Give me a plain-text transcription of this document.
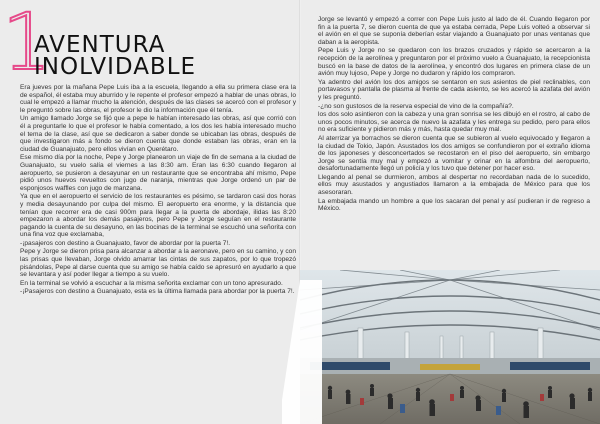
1
AVENTURA
INOLVIDABLE

Era jueves por la mañana Pepe Luis iba a la escuela, llegando a ella su primera clase era la de español, él estaba muy aburrido y le repente el profesor empezó a hablar de unas obras, lo cual le empezó a llamar mucho la atención, después de las clases se acercó con el profesor y le preguntó sobre las obras, el profesor le dio la información que él tenía.

Un amigo llamado Jorge se fijó que a pepe le habían interesado las obras, así que corrió con él a preguntarle lo que el profesor le había comentado, a los dos les había interesado mucho el tema de la clase, así que se dedicaron a saber donde se ubicaban las obras, después de que investigaron más a fondo se dieron cuenta que donde estaban las obras, eran en la ciudad de Guanajuato, pero ellos vivían en Querétaro.

Ese mismo día por la noche, Pepe y Jorge planearon un viaje de fin de semana a la ciudad de Guanajuato, su vuelo salía el viernes a las 8:30 am. Eran las 6:30 cuando llegaron al aeropuerto, se pusieron a desayunar en un restaurante que se encontraba ahí mismo, Pepe pidió unos huevos revueltos con jugo de naranja, mientras que Jorge ordenó un par de esponjosos waffles con jugo de manzana.

Ya que en el aeropuerto el servicio de los restaurantes es pésimo, se tardaron casi dos horas y media desayunando por culpa del mismo. El aeropuerto era enorme, y la distancia que tenían que recorrer era de casi 900m para llegar a la puerta de abordaje, ilidas las 8:20 empezaron a abordar los demás pasajeros, pero Pepe y Jorge seguían en el restaurante pagando la cuenta de su desayuno, en las bocinas de la terminal se escuchó una señorita con una fina voz que exclamaba,

-¡pasajeros con destino a Guanajuato, favor de abordar por la puerta 7!.

Pepe y Jorge se dieron prisa para alcanzar a abordar a la aeronave, pero en su camino, y con las prisas que llevaban, Jorge olvido amarrar las cintas de sus zapatos, por lo que tropezó pisándolas, Pepe al darse cuenta que su amigo se había caído se apresuró en ayudarlo a que se levantara y así poder llegar a tiempo a su vuelo.

En la terminal se volvió a escuchar a la misma señorita exclamar con un tono apresurado.

-¡Pasajeros con destino a Guanajuato, esta es la última llamada para abordar por la puerta 7!.

Jorge se levantó y empezó a correr con Pepe Luis justo al lado de él. Cuando llegaron por fin a la puerta 7, se dieron cuenta de que ya estaba cerrada, Pepe Luis volteó a observar si el avión en el que se suponía deberían estar viajando a Guanajuato por unas ventanas que daban a la aeropista.

Pepe Luis y Jorge no se quedaron con los brazos cruzados y rápido se acercaron a la recepción de la aerolínea y preguntaron por el próximo vuelo a Guanajuato, la recepcionista buscó en la base de datos de la aerolínea, y encontró dos lugares en primera clase de un avión muy lujoso, Pepe y Jorge no dudaron y rápido los compraron.

Ya adentro del avión los dos amigos se sentaron en sus asientos de piel reclinables, con portavasos y pantalla de plasma al frente de cada asiento, se les acercó la azafata del avión y les preguntó.

-¿no son gustosos de la reserva especial de vino de la compañía?.

los dos solo asintieron con la cabeza y una gran sonrisa se les dibujó en el rostro, al cabo de unos pocos minutos, se acerca de nuevo la azafata y les entrega su pedido, pero para ellos no era suficiente y pidieron más y más, hasta quedar muy mal.

Al aterrizar ya borrachos se dieron cuenta que se subieron al vuelo equivocado y llegaron a la ciudad de Tokio, Japón. Asustados los dos amigos se confundieron por el extraño idioma de los japoneses y desconcertados se recostaron en el piso del aeropuerto, sin embargo Jorge se sentía muy mal y empezó a vomitar y orinar en la alfombra del aeropuerto, desafortunadamente llegó un policía y los tuvo que detener por hacer eso.

Llegando al penal se durmieron, ambos al despertar no recordaban nada de lo sucedido, ellos muy asustados y angustiados llamaron a la embajada de México para que los asesoraran.

La embajada mando un hombre a que los sacaran del penal y así pudieran ir de regreso a México.
